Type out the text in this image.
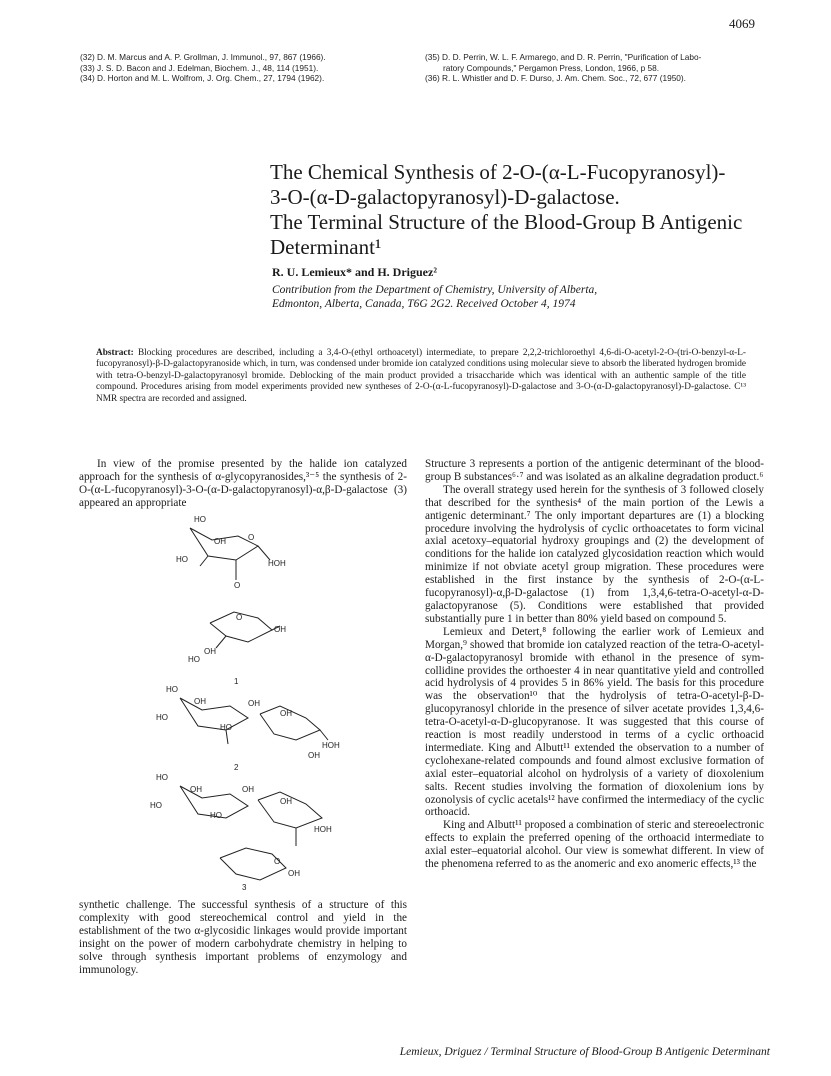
4069

(32) D. M. Marcus and A. P. Grollman, J. Immunol., 97, 867 (1966).

(33) J. S. D. Bacon and J. Edelman, Biochem. J., 48, 114 (1951).

(34) D. Horton and M. L. Wolfrom, J. Org. Chem., 27, 1794 (1962).

(35) D. D. Perrin, W. L. F. Armarego, and D. R. Perrin, "Purification of Labo-

ratory Compounds," Pergamon Press, London, 1966, p 58.

(36) R. L. Whistler and D. F. Durso, J. Am. Chem. Soc., 72, 677 (1950).

The Chemical Synthesis of 2-O-(α-L-Fucopyranosyl)-
3-O-(α-D-galactopyranosyl)-D-galactose.
The Terminal Structure of the Blood-Group B Antigenic
Determinant¹
R. U. Lemieux* and H. Driguez²
Contribution from the Department of Chemistry, University of Alberta,
Edmonton, Alberta, Canada, T6G 2G2. Received October 4, 1974

Abstract: Blocking procedures are described, including a 3,4-O-(ethyl orthoacetyl) intermediate, to prepare 2,2,2-trichloroethyl 4,6-di-O-acetyl-2-O-(tri-O-benzyl-α-L-fucopyranosyl)-β-D-galactopyranoside which, in turn, was condensed under bromide ion catalyzed conditions using molecular sieve to absorb the liberated hydrogen bromide with tetra-O-benzyl-D-galactopyranosyl bromide. Deblocking of the main product provided a trisaccharide which was identical with an authentic sample of the title compound. Procedures arising from model experiments provided new syntheses of 2-O-(α-L-fucopyranosyl)-D-galactose and 3-O-(α-D-galactopyranosyl)-D-galactose. C¹³ NMR spectra are recorded and assigned.

In view of the promise presented by the halide ion catalyzed approach for the synthesis of α-glycopyranosides,³⁻⁵ the synthesis of 2-O-(α-L-fucopyranosyl)-3-O-(α-D-galactopyranosyl)-α,β-D-galactose (3) appeared an appropriate

HO
OH	O
HO	HOH
O
O
OH
OH
HO
1
HO
OH	OH
HO	OH
HO
HOH
OH
2
HO
OH	OH
HO	OH
HO
HOH
O
OH
3

synthetic challenge. The successful synthesis of a structure of this complexity with good stereochemical control and yield in the establishment of the two α-glycosidic linkages would provide important insight on the power of modern carbohydrate chemistry in helping to solve through synthesis important problems of enzymology and immunology.

Structure 3 represents a portion of the antigenic determinant of the blood-group B substances⁶·⁷ and was isolated as an alkaline degradation product.⁶

The overall strategy used herein for the synthesis of 3 followed closely that described for the synthesis⁴ of the main portion of the Lewis a antigenic determinant.⁷ The only important departures are (1) a blocking procedure involving the hydrolysis of cyclic orthoacetates to form vicinal axial acetoxy–equatorial hydroxy groupings and (2) the development of conditions for the halide ion catalyzed glycosidation reaction which would minimize if not obviate acetyl group migration. These procedures were established in the first instance by the synthesis of 2-O-(α-L-fucopyranosyl)-α,β-D-galactose (1) from 1,3,4,6-tetra-O-acetyl-α-D-galactopyranose (5). Conditions were established that provided substantially pure 1 in better than 80% yield based on compound 5.

Lemieux and Detert,⁸ following the earlier work of Lemieux and Morgan,⁹ showed that bromide ion catalyzed reaction of the tetra-O-acetyl-α-D-galactopyranosyl bromide with ethanol in the presence of sym-collidine provides the orthoester 4 in near quantitative yield and controlled acid hydrolysis of 4 provides 5 in 86% yield. The basis for this procedure was the observation¹⁰ that the hydrolysis of tetra-O-acetyl-β-D-glucopyranosyl chloride in the presence of silver acetate provides 1,3,4,6-tetra-O-acetyl-α-D-glucopyranose. It was suggested that this course of reaction is most readily understood in terms of a cyclic orthoacid intermediate. King and Albutt¹¹ extended the observation to a number of cyclohexane-related compounds and found almost exclusive formation of axial ester–equatorial alcohol on hydrolysis of a variety of dioxolenium salts. Recent studies involving the formation of dioxolenium ions by ozonolysis of cyclic acetals¹² have confirmed the intermediacy of the cyclic orthoacid.

King and Albutt¹¹ proposed a combination of steric and stereoelectronic effects to explain the preferred opening of the orthoacid intermediate to axial ester–equatorial alcohol. Our view is somewhat different. In view of the phenomena referred to as the anomeric and exo anomeric effects,¹³ the

Lemieux, Driguez / Terminal Structure of Blood-Group B Antigenic Determinant
